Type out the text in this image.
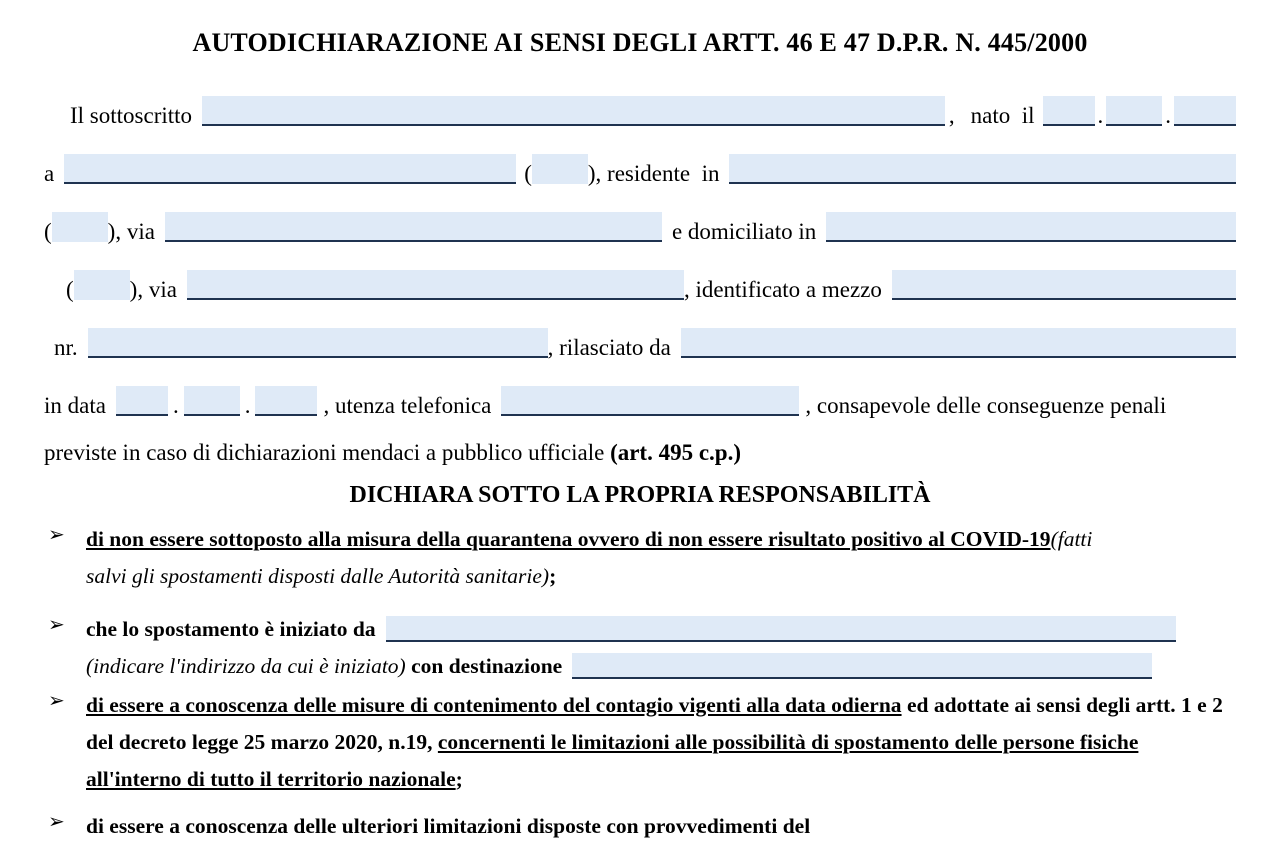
AUTODICHIARAZIONE AI SENSI DEGLI ARTT. 46 E 47 D.P.R. N. 445/2000
Il sottoscritto	, nato  il	.	.
a	( ), residente  in
( ), via	e domiciliato in
( ), via	, identificato a mezzo
nr.	, rilasciato da
in data	.	.	, utenza telefonica	, consapevole delle conseguenze penali
previste in caso di dichiarazioni mendaci a pubblico ufficiale (art. 495 c.p.)
DICHIARA SOTTO LA PROPRIA RESPONSABILITÀ
➢ di non essere sottoposto alla misura della quarantena ovvero di non essere risultato positivo al COVID-19(fatti
salvi gli spostamenti disposti dalle Autorità sanitarie);
➢ che lo spostamento è iniziato da
(indicare l'indirizzo da cui è iniziato) con destinazione
➢ di essere a conoscenza delle misure di contenimento del contagio vigenti alla data odierna ed adottate ai sensi degli artt. 1 e 2 del decreto legge 25 marzo 2020, n.19, concernenti le limitazioni alle possibilità di spostamento delle persone fisiche all'interno di tutto il territorio nazionale;
➢ di essere a conoscenza delle ulteriori limitazioni disposte con provvedimenti del
